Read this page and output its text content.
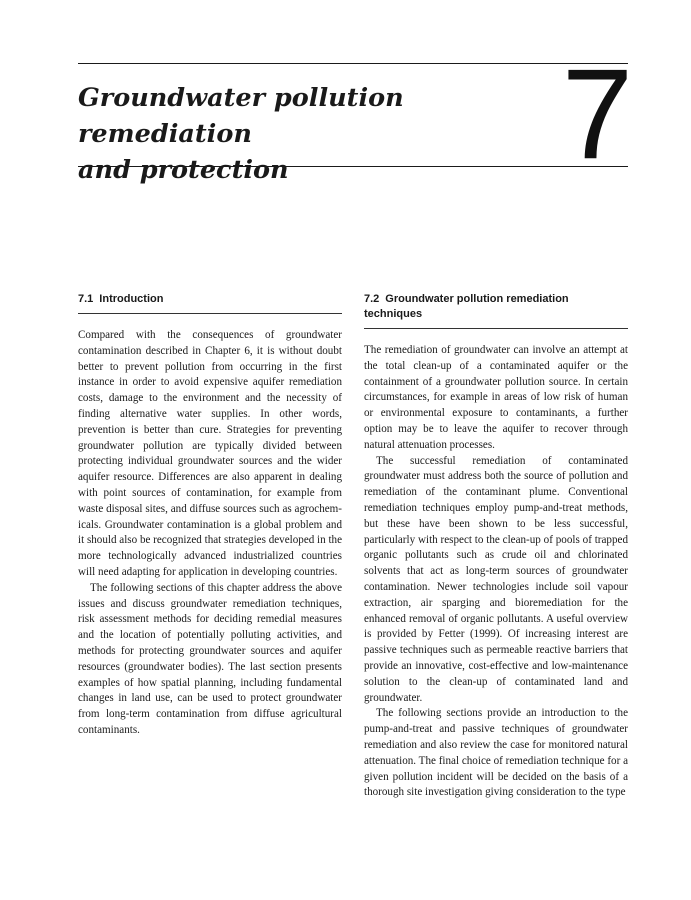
Groundwater pollution remediation
and protection	7
7.1 Introduction

Compared with the consequences of groundwater contamination described in Chapter 6, it is without doubt better to prevent pollution from occurring in the first instance in order to avoid expensive aquifer remediation costs, damage to the environment and the necessity of finding alternative water supplies. In other words, prevention is better than cure. Strategies for preventing groundwater pollution are typically divided between protecting individual groundwater sources and the wider aquifer resource. Differences are also apparent in dealing with point sources of contamination, for example from waste disposal sites, and diffuse sources such as agrochemicals. Groundwater contamination is a global problem and it should also be recognized that strategies developed in the more technologically advanced industrialized countries will need adapting for application in developing countries.

The following sections of this chapter address the above issues and discuss groundwater remediation techniques, risk assessment methods for deciding remedial measures and the location of potentially polluting activities, and methods for protecting groundwater sources and aquifer resources (groundwater bodies). The last section presents examples of how spatial planning, including fundamental changes in land use, can be used to protect groundwater from long-term contamination from diffuse agricultural contaminants.

7.2 Groundwater pollution remediation techniques

The remediation of groundwater can involve an attempt at the total clean-up of a contaminated aquifer or the containment of a groundwater pollution source. In certain circumstances, for example in areas of low risk of human or environmental exposure to contaminants, a further option may be to leave the aquifer to recover through natural attenuation processes.

The successful remediation of contaminated groundwater must address both the source of pollution and remediation of the contaminant plume. Conventional remediation techniques employ pump-and-treat methods, but these have been shown to be less successful, particularly with respect to the clean-up of pools of trapped organic pollutants such as crude oil and chlorinated solvents that act as long-term sources of groundwater contamination. Newer technologies include soil vapour extraction, air sparging and bioremediation for the enhanced removal of organic pollutants. A useful overview is provided by Fetter (1999). Of increasing interest are passive techniques such as permeable reactive barriers that provide an innovative, cost-effective and low-maintenance solution to the clean-up of contaminated land and groundwater.

The following sections provide an introduction to the pump-and-treat and passive techniques of groundwater remediation and also review the case for monitored natural attenuation. The final choice of remediation technique for a given pollution incident will be decided on the basis of a thorough site investigation giving consideration to the type
